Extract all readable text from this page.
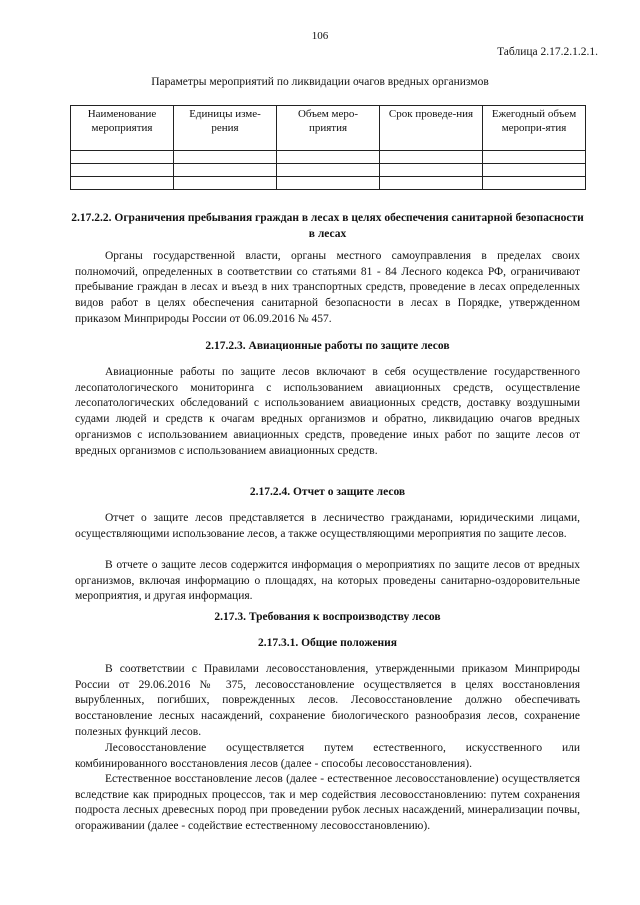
106
Таблица 2.17.2.1.2.1.
Параметры мероприятий по ликвидации очагов вредных организмов
Наименование мероприятия	Единицы изме-рения	Объем меро-приятия	Срок проведе-ния	Ежегодный объем меропри-ятия

2.17.2.2. Ограничения пребывания граждан в лесах в целях обеспечения санитарной безопасности в лесах

Органы государственной власти, органы местного самоуправления в пределах своих полномочий, определенных в соответствии со статьями 81 - 84 Лесного кодекса РФ, ограничивают пребывание граждан в лесах и въезд в них транспортных средств, проведение в лесах определенных видов работ в целях обеспечения санитарной безопасности в лесах в Порядке, утвержденном приказом Минприроды России от 06.09.2016 № 457.

2.17.2.3. Авиационные работы по защите лесов

Авиационные работы по защите лесов включают в себя осуществление государственного лесопатологического мониторинга с использованием авиационных средств, осуществление лесопатологических обследований с использованием авиационных средств, доставку воздушными судами людей и средств к очагам вредных организмов и обратно, ликвидацию очагов вредных организмов с использованием авиационных средств, проведение иных работ по защите лесов от вредных организмов с использованием авиационных средств.

2.17.2.4. Отчет о защите лесов

Отчет о защите лесов представляется в лесничество гражданами, юридическими лицами, осуществляющими использование лесов, а также осуществляющими мероприятия по защите лесов.

В отчете о защите лесов содержится информация о мероприятиях по защите лесов от вредных организмов, включая информацию о площадях, на которых проведены санитарно-оздоровительные мероприятия, и другая информация.

2.17.3. Требования к воспроизводству лесов
2.17.3.1. Общие положения

В соответствии с Правилами лесовосстановления, утвержденными приказом Минприроды России от 29.06.2016 № 375, лесовосстановление осуществляется в целях восстановления вырубленных, погибших, поврежденных лесов. Лесовосстановление должно обеспечивать восстановление лесных насаждений, сохранение биологического разнообразия лесов, сохранение полезных функций лесов.

Лесовосстановление осуществляется путем естественного, искусственного или комбинированного восстановления лесов (далее - способы лесовосстановления).

Естественное восстановление лесов (далее - естественное лесовосстановление) осуществляется вследствие как природных процессов, так и мер содействия лесовосстановлению: путем сохранения подроста лесных древесных пород при проведении рубок лесных насаждений, минерализации почвы, огораживании (далее - содействие естественному лесовосстановлению).
